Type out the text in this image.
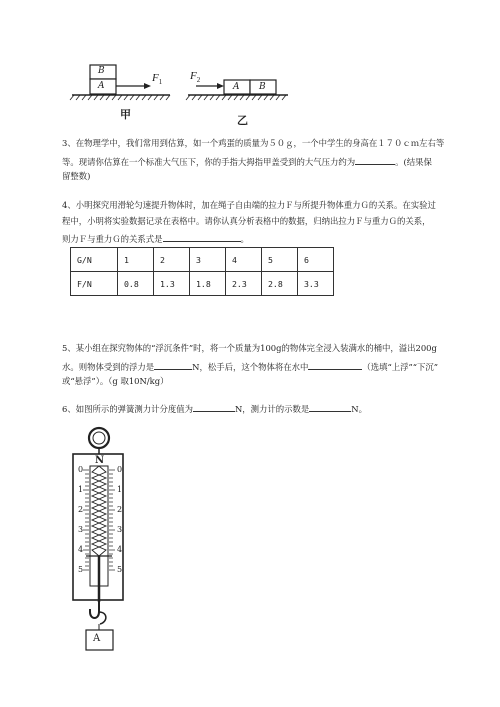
B
A	A B
$F_1$
$F_2$
甲	乙
3、在物理学中，我们常用到估算，如一个鸡蛋的质量为５０ｇ，一个中学生的身高在１７０ｃｍ左右等
等。现请你估算在一个标准大气压下，你的手指大拇指甲盖受到的大气压力约为	。(结果保
留整数)
4、小明探究用滑轮匀速提升物体时，加在绳子自由端的拉力Ｆ与所提升物体重力Ｇ的关系。在实验过
程中，小明将实验数据记录在表格中。请你认真分析表格中的数据，归纳出拉力Ｆ与重力Ｇ的关系，
则力Ｆ与重力Ｇ的关系式是	。
G/N	1	2	3	4	5	6
F/N	0.8	1.3	1.8	2.3	2.8	3.3
5、某小组在探究物体的“浮沉条件”时，将一个质量为100g的物体完全浸入装满水的桶中，溢出200g
水。则物体受到的浮力是	N，松手后，这个物体将在水中	（选填“上浮”“下沉”
或“悬浮”）。（g 取10N/kg）
6、如图所示的弹簧测力计分度值为	N，测力计的示数是	N。
N
0
1
2
3
4
5
0
1
2
3
4
5
A
